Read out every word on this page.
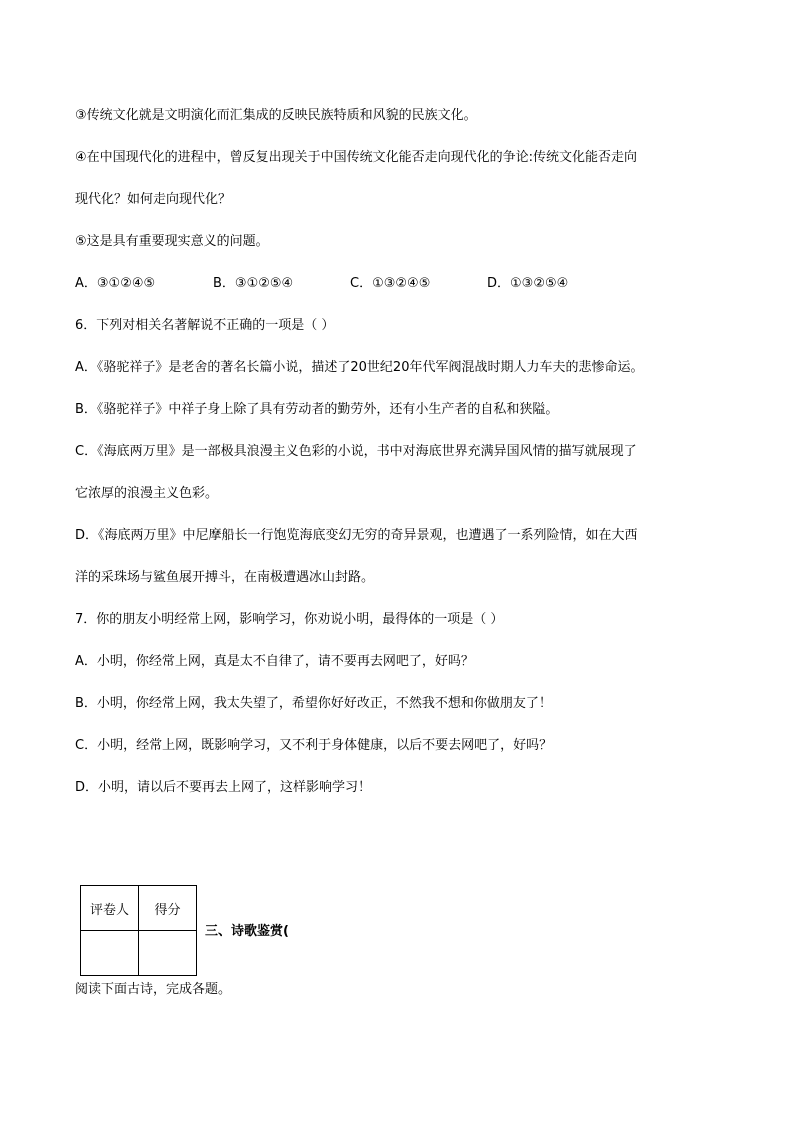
③传统文化就是文明演化而汇集成的反映民族特质和风貌的民族文化。
④在中国现代化的进程中，曾反复出现关于中国传统文化能否走向现代化的争论:传统文化能否走向
现代化？如何走向现代化？
⑤这是具有重要现实意义的问题。
A．③①②④⑤	B．③①②⑤④	C．①③②④⑤	D．①③②⑤④
6．下列对相关名著解说不正确的一项是（ ）
A．《骆驼祥子》是老舍的著名长篇小说，描述了20世纪20年代军阀混战时期人力车夫的悲惨命运。
B．《骆驼祥子》中祥子身上除了具有劳动者的勤劳外，还有小生产者的自私和狭隘。
C．《海底两万里》是一部极具浪漫主义色彩的小说，书中对海底世界充满异国风情的描写就展现了
它浓厚的浪漫主义色彩。
D．《海底两万里》中尼摩船长一行饱览海底变幻无穷的奇异景观，也遭遇了一系列险情，如在大西
洋的采珠场与鲨鱼展开搏斗，在南极遭遇冰山封路。
7．你的朋友小明经常上网，影响学习，你劝说小明，最得体的一项是（ ）
A．小明，你经常上网，真是太不自律了，请不要再去网吧了，好吗？
B．小明，你经常上网，我太失望了，希望你好好改正，不然我不想和你做朋友了！
C．小明，经常上网，既影响学习，又不利于身体健康，以后不要去网吧了，好吗？
D．小明，请以后不要再去上网了，这样影响学习！
评卷人	得分

三、诗歌鉴赏(
阅读下面古诗，完成各题。
